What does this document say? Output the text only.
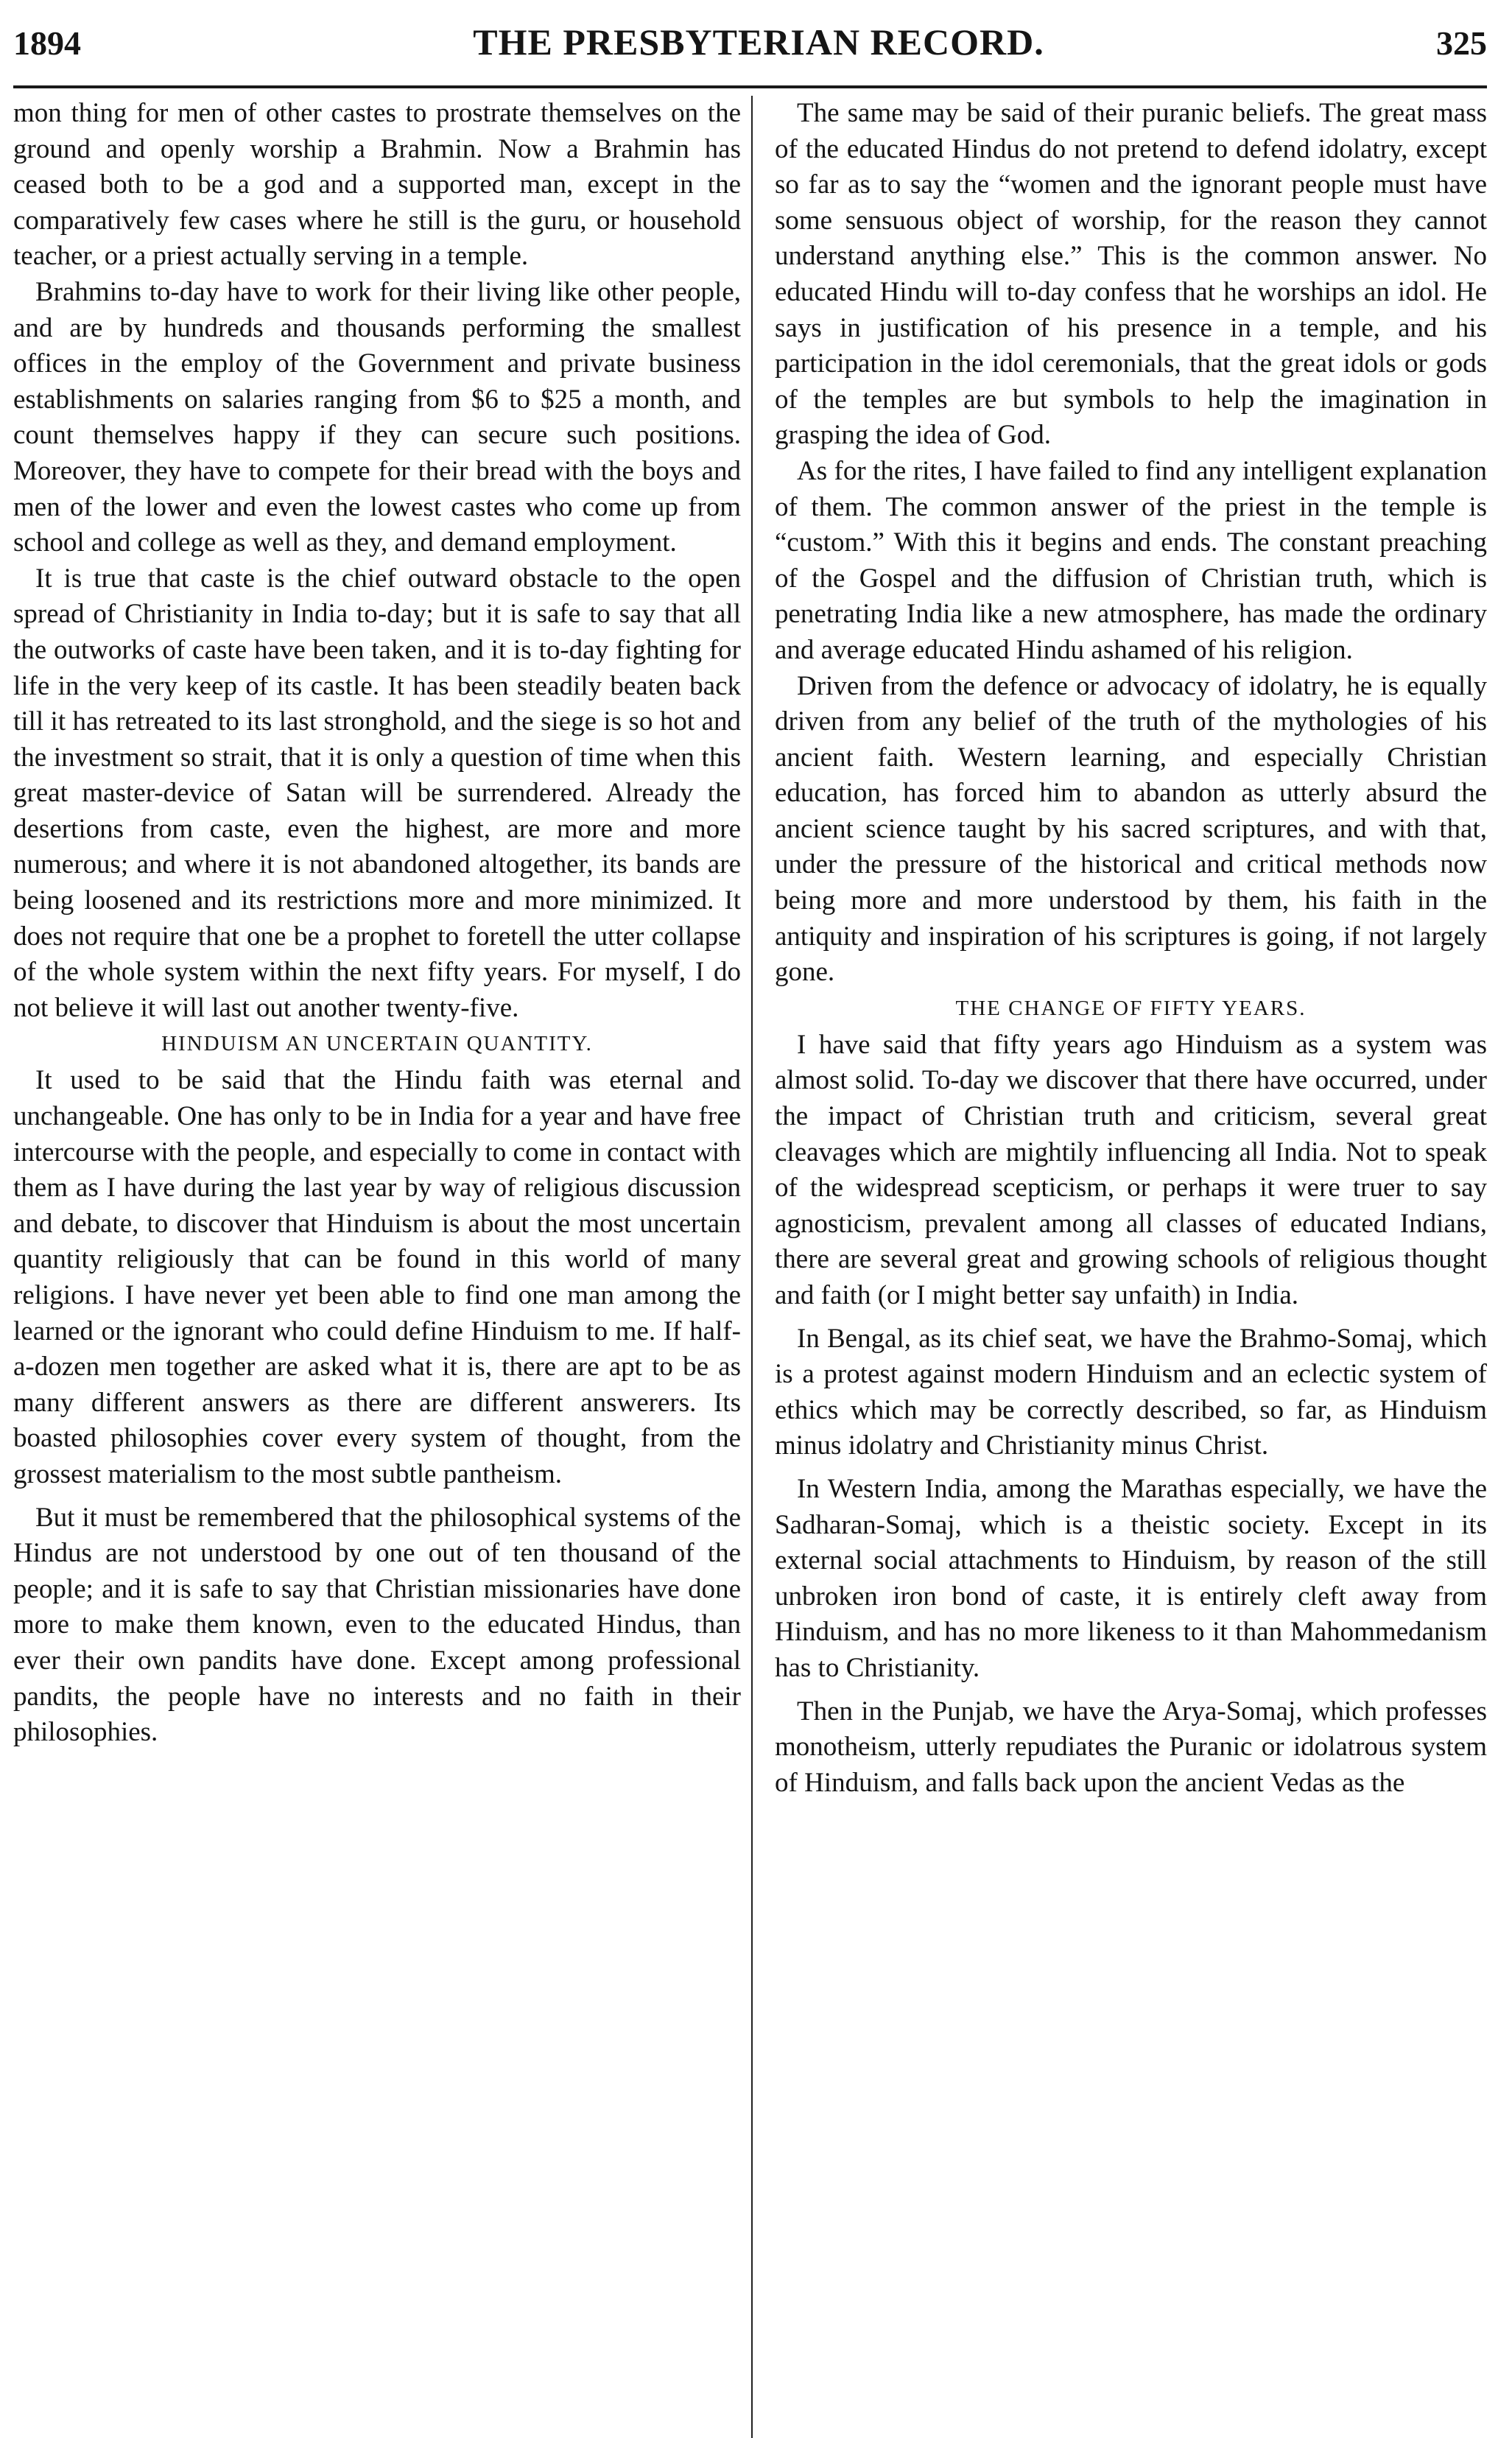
1894	THE PRESBYTERIAN RECORD.	325

mon thing for men of other castes to prostrate themselves on the ground and openly worship a Brahmin. Now a Brahmin has ceased both to be a god and a supported man, except in the comparatively few cases where he still is the guru, or household teacher, or a priest actually serving in a temple.

Brahmins to-day have to work for their living like other people, and are by hundreds and thousands performing the smallest offices in the employ of the Government and private business establishments on salaries ranging from $6 to $25 a month, and count themselves happy if they can secure such positions. Moreover, they have to compete for their bread with the boys and men of the lower and even the lowest castes who come up from school and college as well as they, and demand employment.

It is true that caste is the chief outward obstacle to the open spread of Christianity in India to-day; but it is safe to say that all the outworks of caste have been taken, and it is to-day fighting for life in the very keep of its castle. It has been steadily beaten back till it has retreated to its last stronghold, and the siege is so hot and the investment so strait, that it is only a question of time when this great master-device of Satan will be surrendered. Already the desertions from caste, even the highest, are more and more numerous; and where it is not abandoned altogether, its bands are being loosened and its restrictions more and more minimized. It does not require that one be a prophet to foretell the utter collapse of the whole system within the next fifty years. For myself, I do not believe it will last out another twenty-five.

HINDUISM AN UNCERTAIN QUANTITY.

It used to be said that the Hindu faith was eternal and unchangeable. One has only to be in India for a year and have free intercourse with the people, and especially to come in contact with them as I have during the last year by way of religious discussion and debate, to discover that Hinduism is about the most uncertain quantity religiously that can be found in this world of many religions. I have never yet been able to find one man among the learned or the ignorant who could define Hinduism to me. If half-a-dozen men together are asked what it is, there are apt to be as many different answers as there are different answerers. Its boasted philosophies cover every system of thought, from the grossest materialism to the most subtle pantheism.

But it must be remembered that the philosophical systems of the Hindus are not understood by one out of ten thousand of the people; and it is safe to say that Christian missionaries have done more to make them known, even to the educated Hindus, than ever their own pandits have done. Except among professional pandits, the people have no interests and no faith in their philosophies.

The same may be said of their puranic beliefs. The great mass of the educated Hindus do not pretend to defend idolatry, except so far as to say the “women and the ignorant people must have some sensuous object of worship, for the reason they cannot understand anything else.” This is the common answer. No educated Hindu will to-day confess that he worships an idol. He says in justification of his presence in a temple, and his participation in the idol ceremonials, that the great idols or gods of the temples are but symbols to help the imagination in grasping the idea of God.

As for the rites, I have failed to find any intelligent explanation of them. The common answer of the priest in the temple is “custom.” With this it begins and ends. The constant preaching of the Gospel and the diffusion of Christian truth, which is penetrating India like a new atmosphere, has made the ordinary and average educated Hindu ashamed of his religion.

Driven from the defence or advocacy of idolatry, he is equally driven from any belief of the truth of the mythologies of his ancient faith. Western learning, and especially Christian education, has forced him to abandon as utterly absurd the ancient science taught by his sacred scriptures, and with that, under the pressure of the historical and critical methods now being more and more understood by them, his faith in the antiquity and inspiration of his scriptures is going, if not largely gone.

THE CHANGE OF FIFTY YEARS.

I have said that fifty years ago Hinduism as a system was almost solid. To-day we discover that there have occurred, under the impact of Christian truth and criticism, several great cleavages which are mightily influencing all India. Not to speak of the widespread scepticism, or perhaps it were truer to say agnosticism, prevalent among all classes of educated Indians, there are several great and growing schools of religious thought and faith (or I might better say unfaith) in India.

In Bengal, as its chief seat, we have the Brahmo-Somaj, which is a protest against modern Hinduism and an eclectic system of ethics which may be correctly described, so far, as Hinduism minus idolatry and Christianity minus Christ.

In Western India, among the Marathas especially, we have the Sadharan-Somaj, which is a theistic society. Except in its external social attachments to Hinduism, by reason of the still unbroken iron bond of caste, it is entirely cleft away from Hinduism, and has no more likeness to it than Mahommedanism has to Christianity.

Then in the Punjab, we have the Arya-Somaj, which professes monotheism, utterly repudiates the Puranic or idolatrous system of Hinduism, and falls back upon the ancient Vedas as the
